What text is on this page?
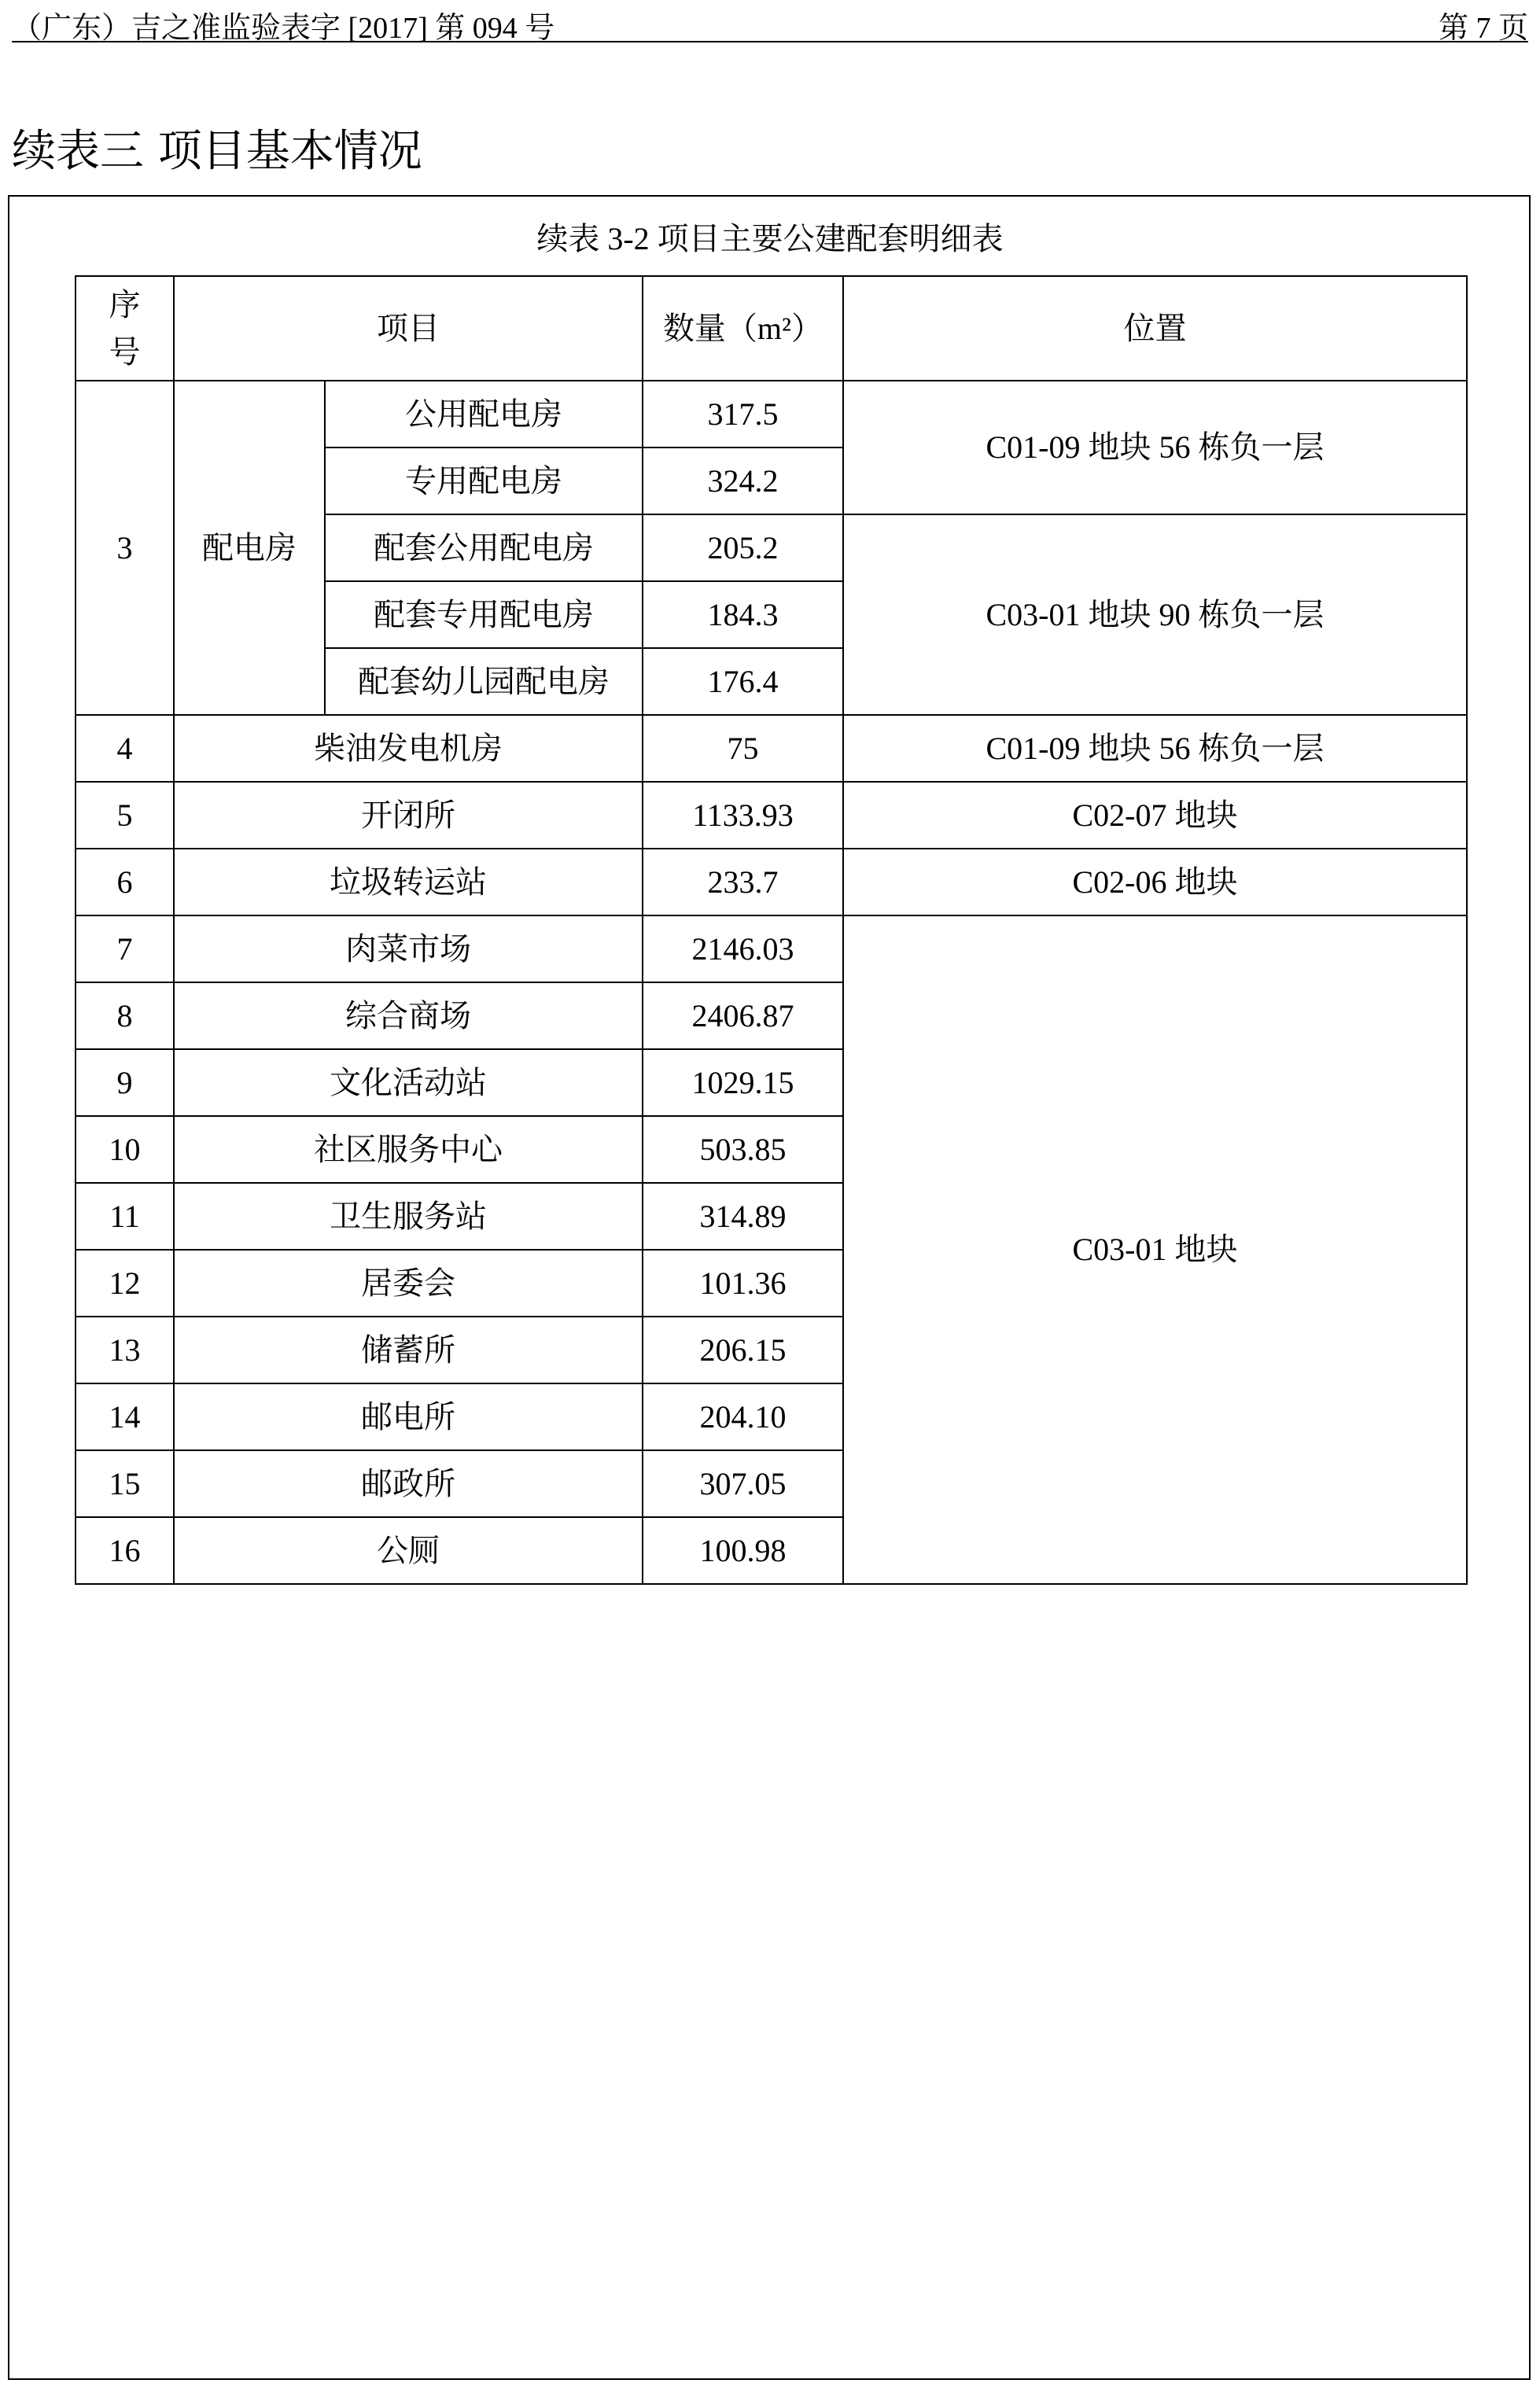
（广东）吉之准监验表字 [2017] 第 094 号	第 7 页
续表三 项目基本情况
续表 3-2 项目主要公建配套明细表
序号	项目		数量（m²）	位置
3	配电房	公用配电房	317.5	C01-09 地块 56 栋负一层
		专用配电房	324.2	
		配套公用配电房	205.2	C03-01 地块 90 栋负一层
		配套专用配电房	184.3	
		配套幼儿园配电房	176.4	
4	柴油发电机房		75	C01-09 地块 56 栋负一层
5	开闭所		1133.93	C02-07 地块
6	垃圾转运站		233.7	C02-06 地块
7	肉菜市场		2146.03	C03-01 地块
8	综合商场		2406.87	
9	文化活动站		1029.15	
10	社区服务中心		503.85	
11	卫生服务站		314.89	
12	居委会		101.36	
13	储蓄所		206.15	
14	邮电所		204.10	
15	邮政所		307.05	
16	公厕		100.98	
